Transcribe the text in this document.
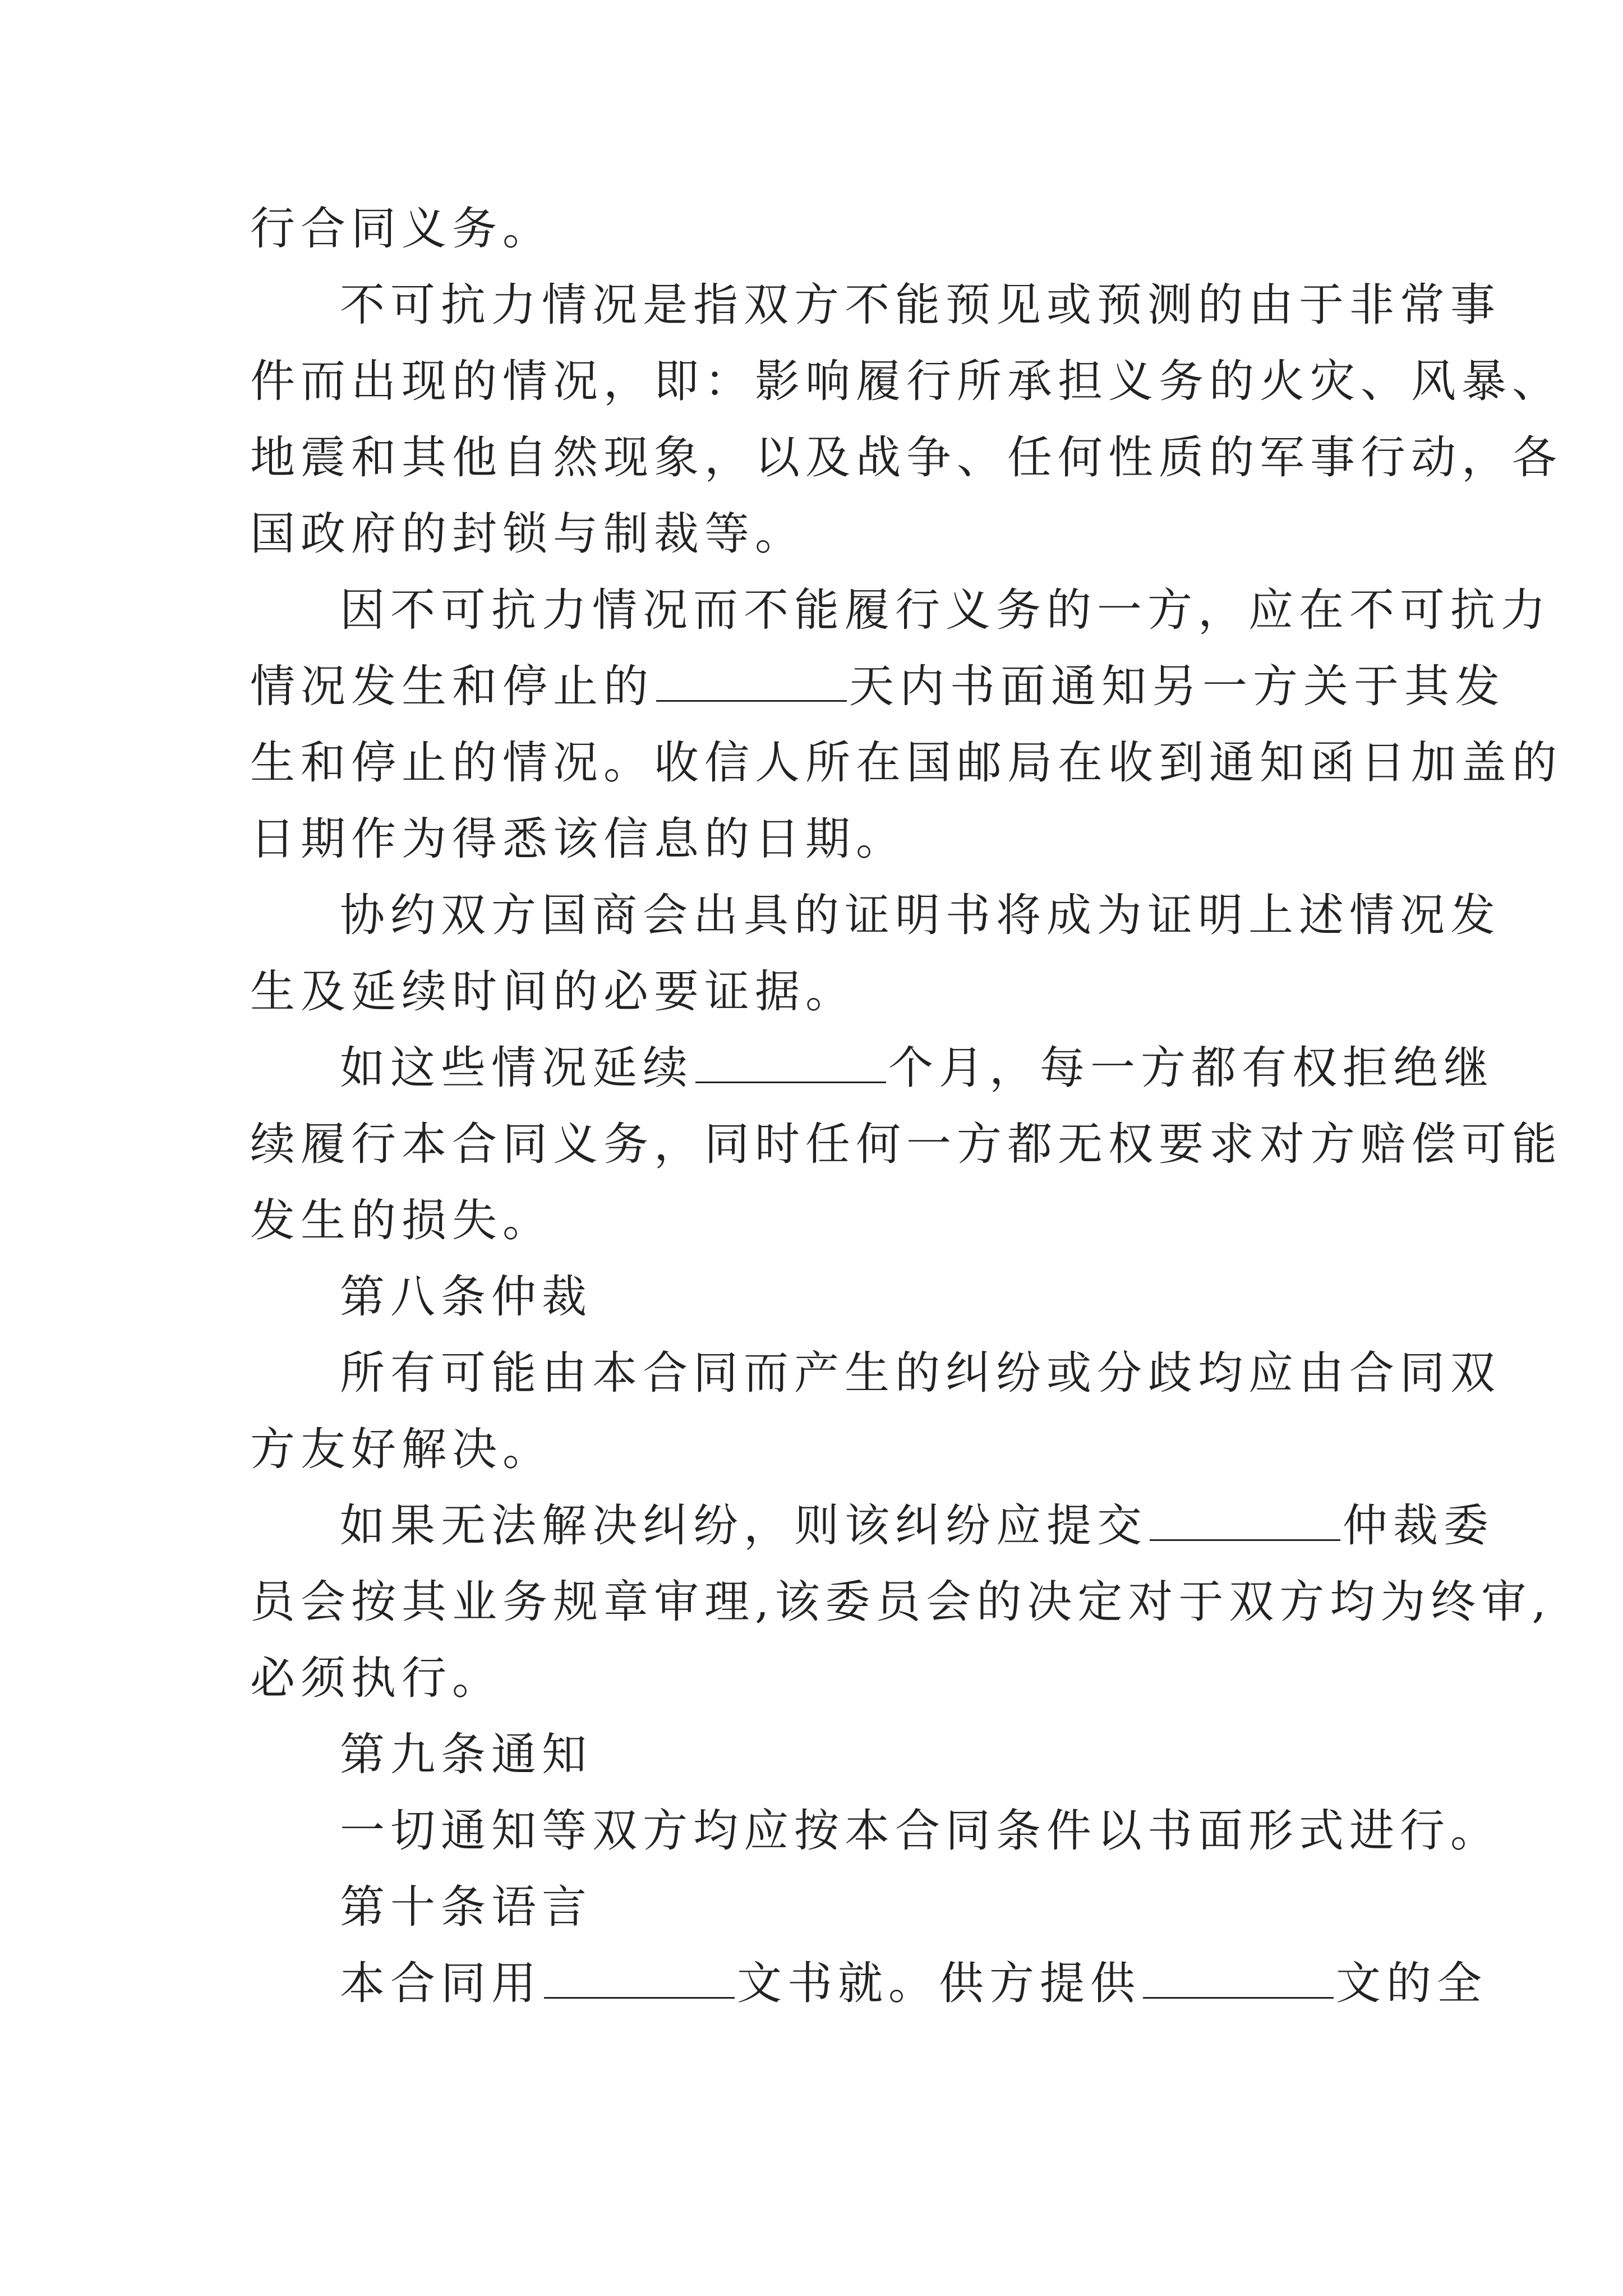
行合同义务。
不可抗力情况是指双方不能预见或预测的由于非常事
件而出现的情况，即：影响履行所承担义务的火灾、风暴、
地震和其他自然现象，以及战争、任何性质的军事行动，各
国政府的封锁与制裁等。
因不可抗力情况而不能履行义务的一方，应在不可抗力
情况发生和停止的	天内书面通知另一方关于其发
生和停止的情况。收信人所在国邮局在收到通知函日加盖的
日期作为得悉该信息的日期。
协约双方国商会出具的证明书将成为证明上述情况发
生及延续时间的必要证据。
如这些情况延续	个月，每一方都有权拒绝继
续履行本合同义务，同时任何一方都无权要求对方赔偿可能
发生的损失。
第八条仲裁
所有可能由本合同而产生的纠纷或分歧均应由合同双
方友好解决。
如果无法解决纠纷，则该纠纷应提交	仲裁委
员会按其业务规章审理,该委员会的决定对于双方均为终审,
必须执行。
第九条通知
一切通知等双方均应按本合同条件以书面形式进行。
第十条语言
本合同用	文书就。供方提供	文的全
